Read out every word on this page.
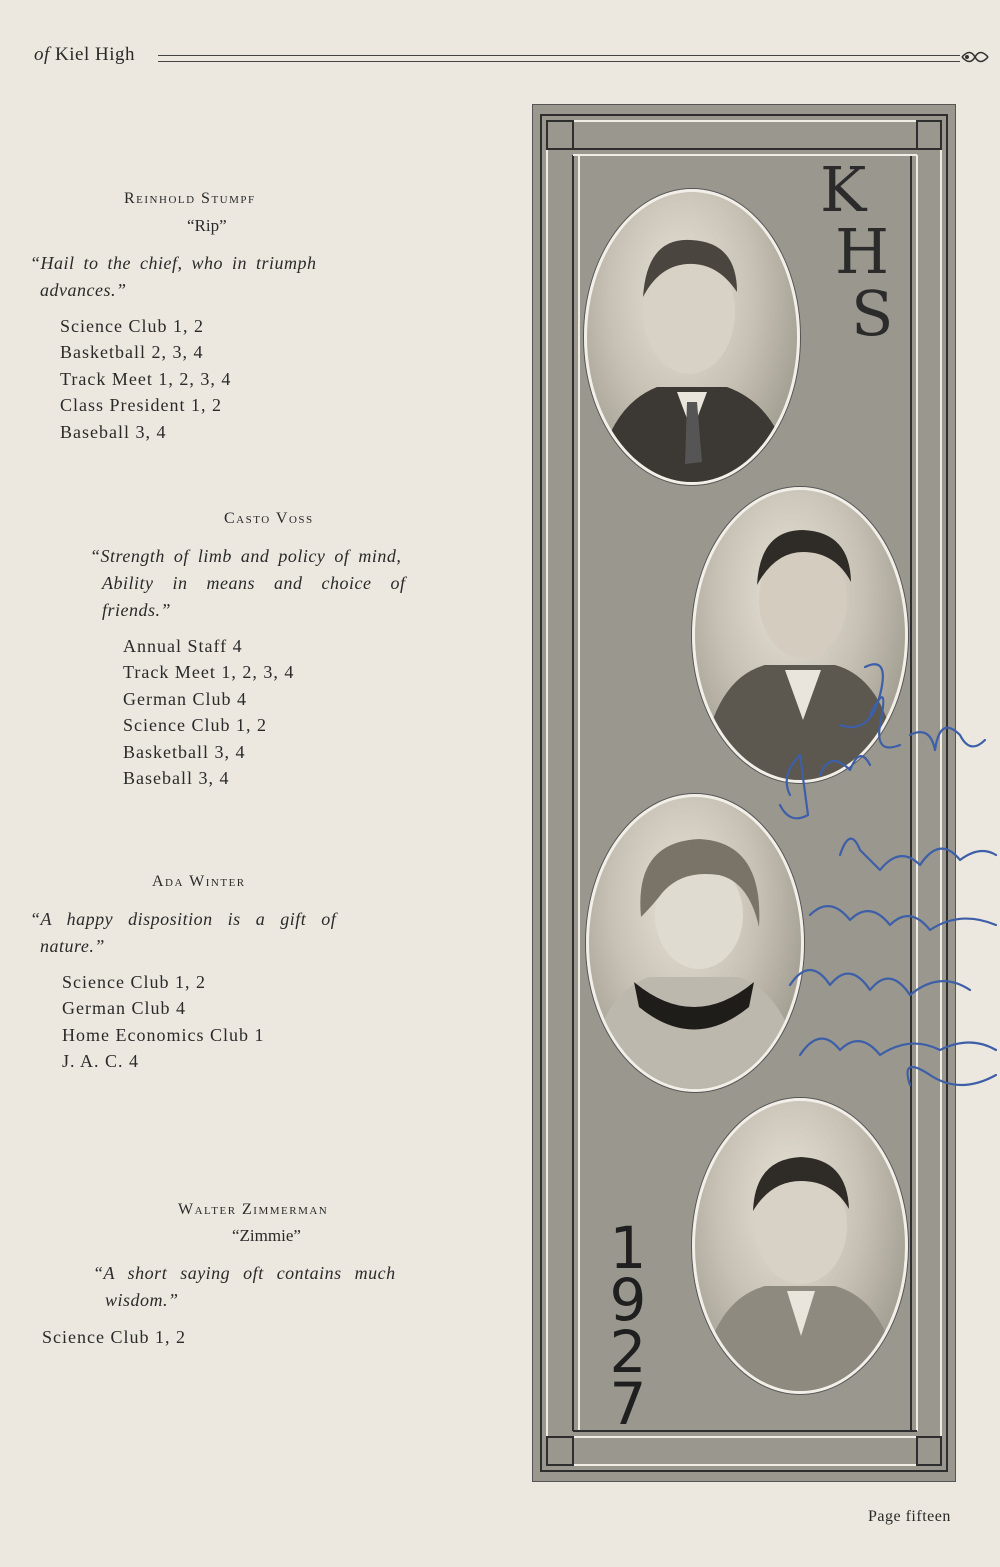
of Kiel High
Reinhold Stumpf
“Rip”
“Hail to the chief, who in triumph
advances.”
Science Club 1, 2
Basketball 2, 3, 4
Track Meet 1, 2, 3, 4
Class President 1, 2
Baseball 3, 4
Casto Voss
“Strength of limb and policy of mind,
Ability in means and choice of
friends.”
Annual Staff 4
Track Meet 1, 2, 3, 4
German Club 4
Science Club 1, 2
Basketball 3, 4
Baseball 3, 4
Ada Winter
“A happy disposition is a gift of
nature.”
Science Club 1, 2
German Club 4
Home Economics Club 1
J. A. C. 4
Walter Zimmerman
“Zimmie”
“A short saying oft contains much
wisdom.”
Science Club 1, 2
K
H
S
1
9
2
7
Page fifteen
